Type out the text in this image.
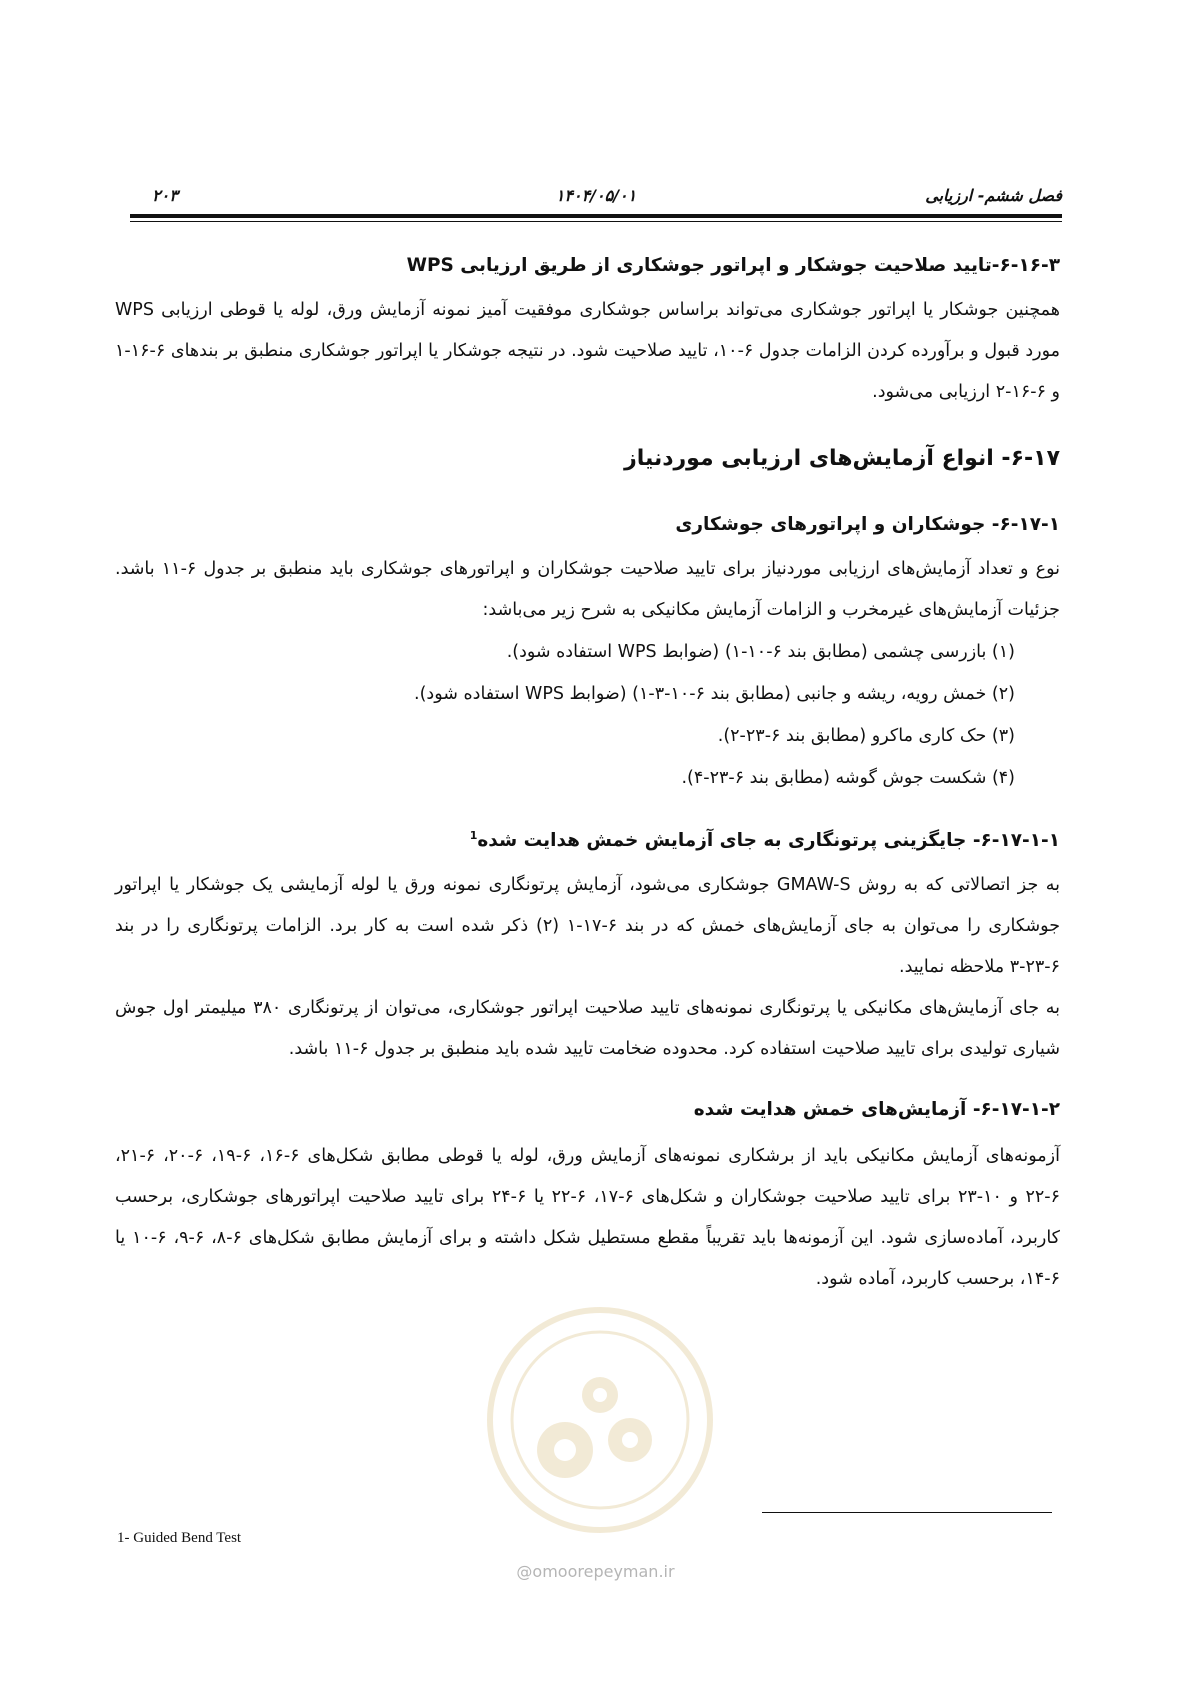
فصل ششم- ارزیابی
۱۴۰۴/۰۵/۰۱
۲۰۳
۶-۱۶-۳-تایید صلاحیت جوشکار و اپراتور جوشکاری از طریق ارزیابی WPS

همچنین جوشکار یا اپراتور جوشکاری می‌تواند براساس جوشکاری موفقیت آمیز نمونه آزمایش ورق، لوله یا قوطی ارزیابی WPS مورد قبول و برآورده کردن الزامات جدول ۶-۱۰، تایید صلاحیت شود. در نتیجه جوشکار یا اپراتور جوشکاری منطبق بر بندهای ۶-۱۶-۱ و ۶-۱۶-۲ ارزیابی می‌شود.

۶-۱۷- انواع آزمایش‌های ارزیابی موردنیاز
۶-۱۷-۱- جوشکاران و اپراتورهای جوشکاری

نوع و تعداد آزمایش‌های ارزیابی موردنیاز برای تایید صلاحیت جوشکاران و اپراتورهای جوشکاری باید منطبق بر جدول ۶-۱۱ باشد. جزئیات آزمایش‌های غیرمخرب و الزامات آزمایش مکانیکی به شرح زیر می‌باشد:

(۱) بازرسی چشمی (مطابق بند ۶-۱۰-۱) (ضوابط WPS استفاده شود).
(۲) خمش رویه، ریشه و جانبی (مطابق بند ۶-۱۰-۳-۱) (ضوابط WPS استفاده شود).
(۳) حک کاری ماکرو (مطابق بند ۶-۲۳-۲).
(۴) شکست جوش گوشه (مطابق بند ۶-۲۳-۴).
۶-۱۷-۱-۱- جایگزینی پرتونگاری به جای آزمایش خمش هدایت شده$^1$

به جز اتصالاتی که به روش GMAW-S جوشکاری می‌شود، آزمایش پرتونگاری نمونه ورق یا لوله آزمایشی یک جوشکار یا اپراتور جوشکاری را می‌توان به جای آزمایش‌های خمش که در بند ۶-۱۷-۱ (۲) ذکر شده است به کار برد. الزامات پرتونگاری را در بند ۶-۲۳-۳ ملاحظه نمایید.

به جای آزمایش‌های مکانیکی یا پرتونگاری نمونه‌های تایید صلاحیت اپراتور جوشکاری، می‌توان از پرتونگاری ۳۸۰ میلیمتر اول جوش شیاری تولیدی برای تایید صلاحیت استفاده کرد. محدوده ضخامت تایید شده باید منطبق بر جدول ۶-۱۱ باشد.

۶-۱۷-۱-۲- آزمایش‌های خمش هدایت شده

آزمونه‌های آزمایش مکانیکی باید از برشکاری نمونه‌های آزمایش ورق، لوله یا قوطی مطابق شکل‌های ۶-۱۶، ۶-۱۹، ۶-۲۰، ۶-۲۱، ۶-۲۲ و ۱۰-۲۳ برای تایید صلاحیت جوشکاران و شکل‌های ۶-۱۷، ۶-۲۲ یا ۶-۲۴ برای تایید صلاحیت اپراتورهای جوشکاری، برحسب کاربرد، آماده‌سازی شود. این آزمونه‌ها باید تقریباً مقطع مستطیل شکل داشته و برای آزمایش مطابق شکل‌های ۶-۸، ۶-۹، ۶-۱۰ یا ۶-۱۴، برحسب کاربرد، آماده شود.

1- Guided Bend Test
@omoorepeyman.ir
